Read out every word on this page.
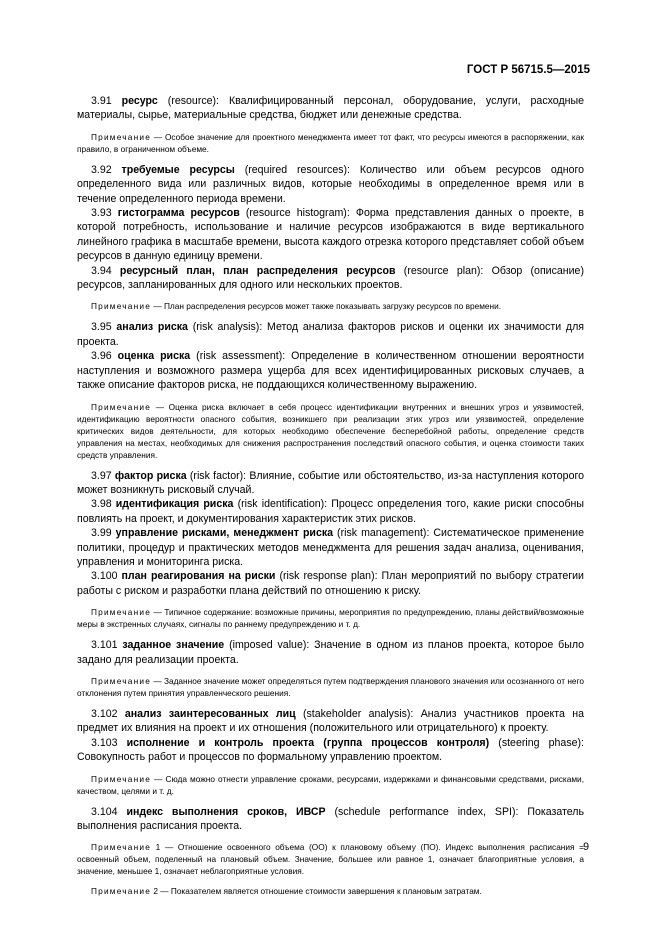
ГОСТ Р 56715.5—2015

3.91 ресурс (resource): Квалифицированный персонал, оборудование, услуги, расходные материалы, сырье, материальные средства, бюджет или денежные средства.

Примечание — Особое значение для проектного менеджмента имеет тот факт, что ресурсы имеются в распоряжении, как правило, в ограниченном объеме.

3.92 требуемые ресурсы (required resources): Количество или объем ресурсов одного определенного вида или различных видов, которые необходимы в определенное время или в течение определенного периода времени.

3.93 гистограмма ресурсов (resource histogram): Форма представления данных о проекте, в которой потребность, использование и наличие ресурсов изображаются в виде вертикального линейного графика в масштабе времени, высота каждого отрезка которого представляет собой объем ресурсов в данную единицу времени.

3.94 ресурсный план, план распределения ресурсов (resource plan): Обзор (описание) ресурсов, запланированных для одного или нескольких проектов.

Примечание — План распределения ресурсов может также показывать загрузку ресурсов по времени.

3.95 анализ риска (risk analysis): Метод анализа факторов рисков и оценки их значимости для проекта.

3.96 оценка риска (risk assessment): Определение в количественном отношении вероятности наступления и возможного размера ущерба для всех идентифицированных рисковых случаев, а также описание факторов риска, не поддающихся количественному выражению.

Примечание — Оценка риска включает в себя процесс идентификации внутренних и внешних угроз и уязвимостей, идентификацию вероятности опасного события, возникшего при реализации этих угроз или уязвимостей, определение критических видов деятельности, для которых необходимо обеспечение бесперебойной работы, определение средств управления на местах, необходимых для снижения распространения последствий опасного события, и оценка стоимости таких средств управления.

3.97 фактор риска (risk factor): Влияние, событие или обстоятельство, из-за наступления которого может возникнуть рисковый случай.

3.98 идентификация риска (risk identification): Процесс определения того, какие риски способны повлиять на проект, и документирования характеристик этих рисков.

3.99 управление рисками, менеджмент риска (risk management): Систематическое применение политики, процедур и практических методов менеджмента для решения задач анализа, оценивания, управления и мониторинга риска.

3.100 план реагирования на риски (risk response plan): План мероприятий по выбору стратегии работы с риском и разработки плана действий по отношению к риску.

Примечание — Типичное содержание: возможные причины, мероприятия по предупреждению, планы действий/возможные меры в экстренных случаях, сигналы по раннему предупреждению и т. д.

3.101 заданное значение (imposed value): Значение в одном из планов проекта, которое было задано для реализации проекта.

Примечание — Заданное значение может определяться путем подтверждения планового значения или осознанного от него отклонения путем принятия управленческого решения.

3.102 анализ заинтересованных лиц (stakeholder analysis): Анализ участников проекта на предмет их влияния на проект и их отношения (положительного или отрицательного) к проекту.

3.103 исполнение и контроль проекта (группа процессов контроля) (steering phase): Совокупность работ и процессов по формальному управлению проектом.

Примечание — Сюда можно отнести управление сроками, ресурсами, издержками и финансовыми средствами, рисками, качеством, целями и т. д.

3.104 индекс выполнения сроков, ИВСР (schedule performance index, SPI): Показатель выполнения расписания проекта.

Примечание 1 — Отношение освоенного объема (ОО) к плановому объему (ПО). Индекс выполнения расписания = освоенный объем, поделенный на плановый объем. Значение, большее или равное 1, означает благоприятные условия, а значение, меньшее 1, означает неблагоприятные условия.

Примечание 2 — Показателем является отношение стоимости завершения к плановым затратам.

9
